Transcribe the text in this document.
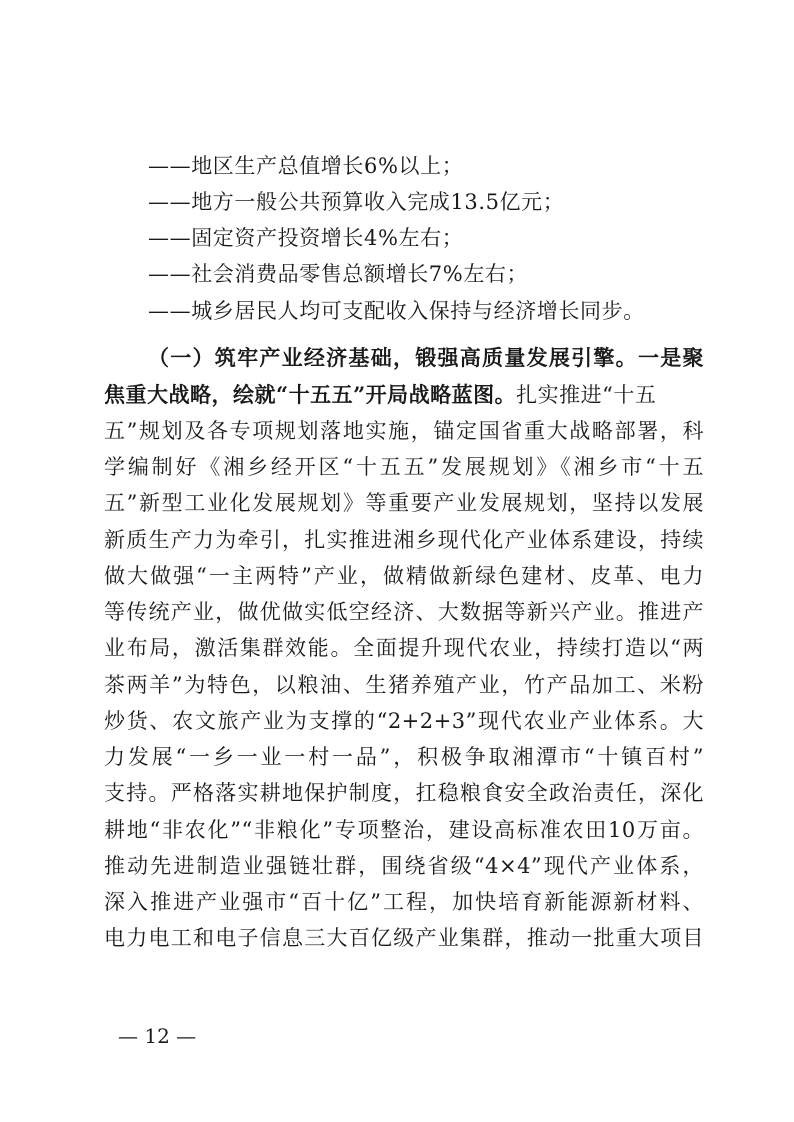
——地区生产总值增长6%以上；
——地方一般公共预算收入完成13.5亿元；
——固定资产投资增长4%左右；
——社会消费品零售总额增长7%左右；
——城乡居民人均可支配收入保持与经济增长同步。
（一）筑牢产业经济基础，锻强高质量发展引擎。一是聚
焦重大战略，绘就“十五五”开局战略蓝图。扎实推进“十五
五”规划及各专项规划落地实施，锚定国省重大战略部署，科
学编制好《湘乡经开区“十五五”发展规划》《湘乡市“十五
五”新型工业化发展规划》等重要产业发展规划，坚持以发展
新质生产力为牵引，扎实推进湘乡现代化产业体系建设，持续
做大做强“一主两特”产业，做精做新绿色建材、皮革、电力
等传统产业，做优做实低空经济、大数据等新兴产业。推进产
业布局，激活集群效能。全面提升现代农业，持续打造以“两
茶两羊”为特色，以粮油、生猪养殖产业，竹产品加工、米粉
炒货、农文旅产业为支撑的“2+2+3”现代农业产业体系。大
力发展“一乡一业一村一品”，积极争取湘潭市“十镇百村”
支持。严格落实耕地保护制度，扛稳粮食安全政治责任，深化
耕地“非农化”“非粮化”专项整治，建设高标准农田10万亩。
推动先进制造业强链壮群，围绕省级“4×4”现代产业体系，
深入推进产业强市“百十亿”工程，加快培育新能源新材料、
电力电工和电子信息三大百亿级产业集群，推动一批重大项目
— 12 —
